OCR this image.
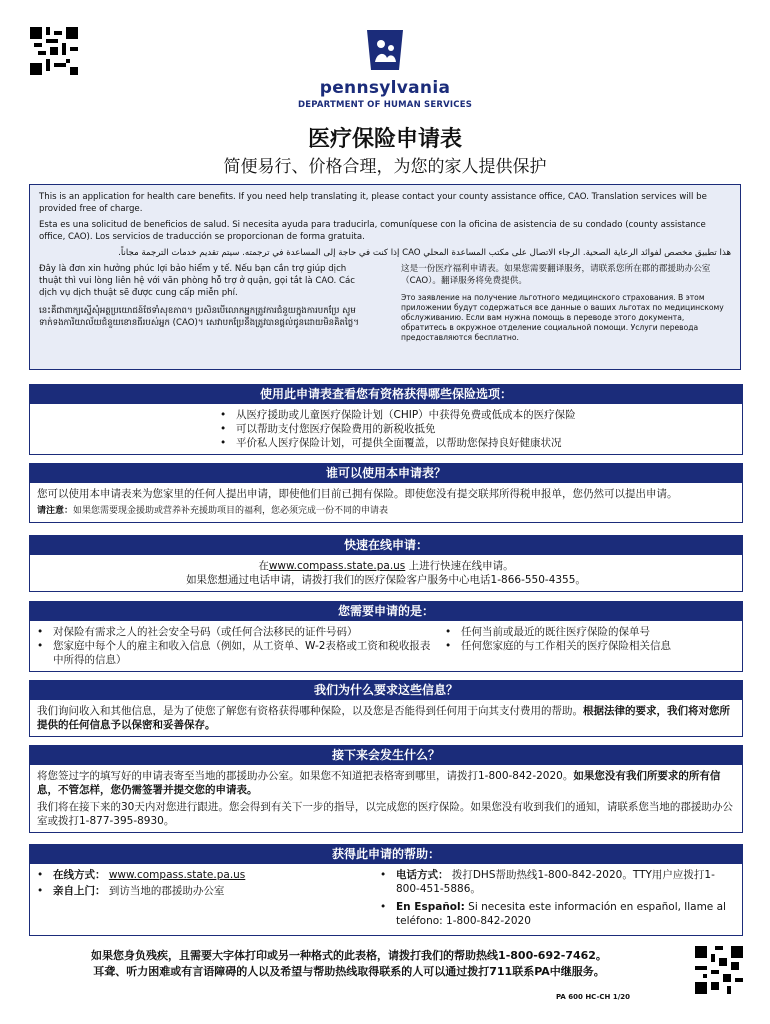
pennsylvania
DEPARTMENT OF HUMAN SERVICES
医疗保险申请表
简便易行、价格合理，为您的家人提供保护

This is an application for health care benefits. If you need help translating it, please contact your county assistance office, CAO. Translation services will be provided free of charge.

Esta es una solicitud de beneficios de salud. Si necesita ayuda para traducirla, comuníquese con la oficina de asistencia de su condado (county assistance office, CAO). Los servicios de traducción se proporcionan de forma gratuita.

هذا تطبيق مخصص لفوائد الرعاية الصحية. الرجاء الاتصال على مكتب المساعدة المحلي CAO إذا كنت في حاجة إلى المساعدة في ترجمته. سيتم تقديم خدمات الترجمة مجاناً.

Đây là đơn xin hưởng phúc lợi bảo hiểm y tế. Nếu bạn cần trợ giúp dịch thuật thì vui lòng liên hệ với văn phòng hỗ trợ ở quận, gọi tắt là CAO. Các dịch vụ dịch thuật sẽ được cung cấp miễn phí.

នេះគឺជាពាក្យស្នើសុំអត្ថប្រយោជន៍ថែទាំសុខភាព។ ប្រសិនបើលោកអ្នកត្រូវការជំនួយក្នុងការបកប្រែ សូមទាក់ទងការិយាល័យជំនួយខោនធីរបស់អ្នក (CAO)។ សេវាបកប្រែនឹងត្រូវបានផ្តល់ជូនដោយមិនគិតថ្លៃ។

这是一份医疗福利申请表。如果您需要翻译服务，请联系您所在郡的郡援助办公室（CAO）。翻译服务将免费提供。

Это заявление на получение льготного медицинского страхования. В этом приложении будут содержаться все данные о ваших льготах по медицинскому обслуживанию. Если вам нужна помощь в переводе этого документа, обратитесь в окружное отделение социальной помощи. Услуги перевода предоставляются бесплатно.

使用此申请表查看您有资格获得哪些保险选项：
• 从医疗援助或儿童医疗保险计划（CHIP）中获得免费或低成本的医疗保险
• 可以帮助支付您医疗保险费用的新税收抵免
• 平价私人医疗保险计划，可提供全面覆盖，以帮助您保持良好健康状况
谁可以使用本申请表？
您可以使用本申请表来为您家里的任何人提出申请，即使他们目前已拥有保险。即使您没有提交联邦所得税申报单，您仍然可以提出申请。
请注意：如果您需要现金援助或营养补充援助项目的福利，您必须完成一份不同的申请表
快速在线申请：
在www.compass.state.pa.us 上进行快速在线申请。
如果您想通过电话申请，请拨打我们的医疗保险客户服务中心电话1-866-550-4355。
您需要申请的是：
• 对保险有需求之人的社会安全号码（或任何合法移民的证件号码）
• 您家庭中每个人的雇主和收入信息（例如，从工资单、W-2表格或工资和税收报表中所得的信息）
• 任何当前或最近的既往医疗保险的保单号
• 任何您家庭的与工作相关的医疗保险相关信息
我们为什么要求这些信息？
我们询问收入和其他信息，是为了使您了解您有资格获得哪种保险，以及您是否能得到任何用于向其支付费用的帮助。根据法律的要求，我们将对您所提供的任何信息予以保密和妥善保存。
接下来会发生什么？
将您签过字的填写好的申请表寄至当地的郡援助办公室。如果您不知道把表格寄到哪里，请拨打1-800-842-2020。如果您没有我们所要求的所有信息，不管怎样，您仍需签署并提交您的申请表。
我们将在接下来的30天内对您进行跟进。您会得到有关下一步的指导，以完成您的医疗保险。如果您没有收到我们的通知，请联系您当地的郡援助办公室或拨打1-877-395-8930。
获得此申请的帮助：
• 在线方式： www.compass.state.pa.us
• 亲自上门： 到访当地的郡援助办公室
• 电话方式： 拨打DHS帮助热线1-800-842-2020。TTY用户应拨打1-800-451-5886。
• En Español: Si necesita este información en español, llame al teléfono: 1-800-842-2020
如果您身负残疾，且需要大字体打印或另一种格式的此表格，请拨打我们的帮助热线1-800-692-7462。
耳聋、听力困难或有言语障碍的人以及希望与帮助热线取得联系的人可以通过拨打711联系PA中继服务。
PA 600 HC-CH 1/20
